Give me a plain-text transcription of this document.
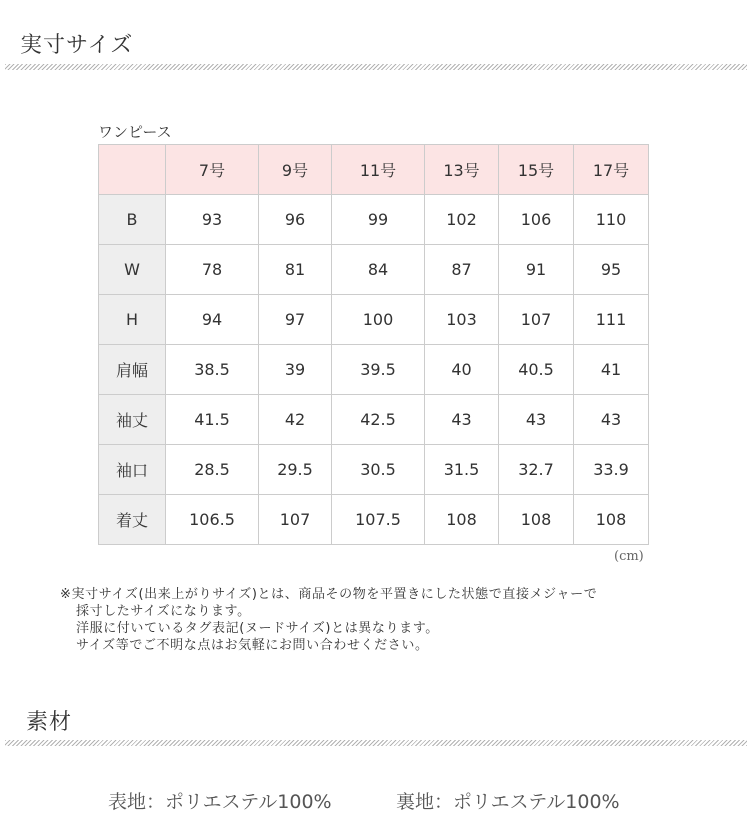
実寸サイズ
ワンピース
	7号	9号	11号	13号	15号	17号
B	93	96	99	102	106	110
W	78	81	84	87	91	95
H	94	97	100	103	107	111
肩幅	38.5	39	39.5	40	40.5	41
袖丈	41.5	42	42.5	43	43	43
袖口	28.5	29.5	30.5	31.5	32.7	33.9
着丈	106.5	107	107.5	108	108	108
(cm)
※実寸サイズ(出来上がりサイズ)とは、商品その物を平置きにした状態で直接メジャーで
採寸したサイズになります。
洋服に付いているタグ表記(ヌードサイズ)とは異なります。
サイズ等でご不明な点はお気軽にお問い合わせください。
素材
表地：ポリエステル100%	裏地：ポリエステル100%
